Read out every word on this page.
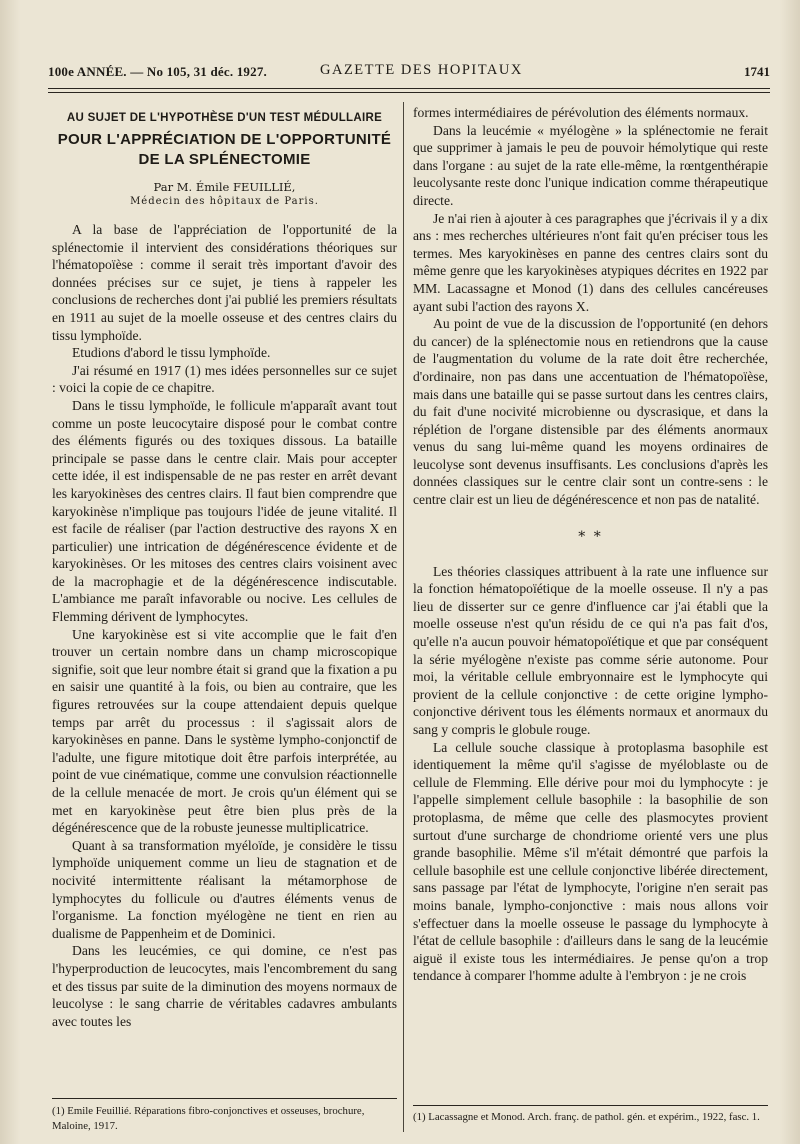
100e ANNÉE. — No 105, 31 déc. 1927.	GAZETTE DES HOPITAUX	1741
AU SUJET DE L'HYPOTHÈSE D'UN TEST MÉDULLAIRE
POUR L'APPRÉCIATION DE L'OPPORTUNITÉ DE LA SPLÉNECTOMIE
Par M. Émile FEUILLIÉ,
Médecin des hôpitaux de Paris.

A la base de l'appréciation de l'opportunité de la splénectomie il intervient des considérations théoriques sur l'hématopoïèse : comme il serait très important d'avoir des données précises sur ce sujet, je tiens à rappeler les conclusions de recherches dont j'ai publié les premiers résultats en 1911 au sujet de la moelle osseuse et des centres clairs du tissu lymphoïde.

Etudions d'abord le tissu lymphoïde.

J'ai résumé en 1917 (1) mes idées personnelles sur ce sujet : voici la copie de ce chapitre.

Dans le tissu lymphoïde, le follicule m'apparaît avant tout comme un poste leucocytaire disposé pour le combat contre des éléments figurés ou des toxiques dissous. La bataille principale se passe dans le centre clair. Mais pour accepter cette idée, il est indispensable de ne pas rester en arrêt devant les karyokinèses des centres clairs. Il faut bien comprendre que karyokinèse n'implique pas toujours l'idée de jeune vitalité. Il est facile de réaliser (par l'action destructive des rayons X en particulier) une intrication de dégénérescence évidente et de karyokinèses. Or les mitoses des centres clairs voisinent avec de la macrophagie et de la dégénérescence indiscutable. L'ambiance me paraît infavorable ou nocive. Les cellules de Flemming dérivent de lymphocytes.

Une karyokinèse est si vite accomplie que le fait d'en trouver un certain nombre dans un champ microscopique signifie, soit que leur nombre était si grand que la fixation a pu en saisir une quantité à la fois, ou bien au contraire, que les figures retrouvées sur la coupe attendaient depuis quelque temps par arrêt du processus : il s'agissait alors de karyokinèses en panne. Dans le système lympho-conjonctif de l'adulte, une figure mitotique doit être parfois interprétée, au point de vue cinématique, comme une convulsion réactionnelle de la cellule menacée de mort. Je crois qu'un élément qui se met en karyokinèse peut être bien plus près de la dégénérescence que de la robuste jeunesse multiplicatrice.

Quant à sa transformation myéloïde, je considère le tissu lymphoïde uniquement comme un lieu de stagnation et de nocivité intermittente réalisant la métamorphose de lymphocytes du follicule ou d'autres éléments venus de l'organisme. La fonction myélogène ne tient en rien au dualisme de Pappenheim et de Dominici.

Dans les leucémies, ce qui domine, ce n'est pas l'hyperproduction de leucocytes, mais l'encombrement du sang et des tissus par suite de la diminution des moyens normaux de leucolyse : le sang charrie de véritables cadavres ambulants avec toutes les

formes intermédiaires de pérévolution des éléments normaux.

Dans la leucémie « myélogène » la splénectomie ne ferait que supprimer à jamais le peu de pouvoir hémolytique qui reste dans l'organe : au sujet de la rate elle-même, la rœntgenthérapie leucolysante reste donc l'unique indication comme thérapeutique directe.

Je n'ai rien à ajouter à ces paragraphes que j'écrivais il y a dix ans : mes recherches ultérieures n'ont fait qu'en préciser tous les termes. Mes karyokinèses en panne des centres clairs sont du même genre que les karyokinèses atypiques décrites en 1922 par MM. Lacassagne et Monod (1) dans des cellules cancéreuses ayant subi l'action des rayons X.

Au point de vue de la discussion de l'opportunité (en dehors du cancer) de la splénectomie nous en retiendrons que la cause de l'augmentation du volume de la rate doit être recherchée, d'ordinaire, non pas dans une accentuation de l'hématopoïèse, mais dans une bataille qui se passe surtout dans les centres clairs, du fait d'une nocivité microbienne ou dyscrasique, et dans la réplétion de l'organe distensible par des éléments anormaux venus du sang lui-même quand les moyens ordinaires de leucolyse sont devenus insuffisants. Les conclusions d'après les données classiques sur le centre clair sont un contre-sens : le centre clair est un lieu de dégénérescence et non pas de natalité.

* *

Les théories classiques attribuent à la rate une influence sur la fonction hématopoïétique de la moelle osseuse. Il n'y a pas lieu de disserter sur ce genre d'influence car j'ai établi que la moelle osseuse n'est qu'un résidu de ce qui n'a pas fait d'os, qu'elle n'a aucun pouvoir hématopoïétique et que par conséquent la série myélogène n'existe pas comme série autonome. Pour moi, la véritable cellule embryonnaire est le lymphocyte qui provient de la cellule conjonctive : de cette origine lympho-conjonctive dérivent tous les éléments normaux et anormaux du sang y compris le globule rouge.

La cellule souche classique à protoplasma basophile est identiquement la même qu'il s'agisse de myéloblaste ou de cellule de Flemming. Elle dérive pour moi du lymphocyte : je l'appelle simplement cellule basophile : la basophilie de son protoplasma, de même que celle des plasmocytes provient surtout d'une surcharge de chondriome orienté vers une plus grande basophilie. Même s'il m'était démontré que parfois la cellule basophile est une cellule conjonctive libérée directement, sans passage par l'état de lymphocyte, l'origine n'en serait pas moins banale, lympho-conjonctive : mais nous allons voir s'effectuer dans la moelle osseuse le passage du lymphocyte à l'état de cellule basophile : d'ailleurs dans le sang de la leucémie aiguë il existe tous les intermédiaires. Je pense qu'on a trop tendance à comparer l'homme adulte à l'embryon : je ne crois

(1) Emile Feuillié. Réparations fibro-conjonctives et osseuses, brochure, Maloine, 1917.
(1) Lacassagne et Monod. Arch. franç. de pathol. gén. et expérim., 1922, fasc. 1.
